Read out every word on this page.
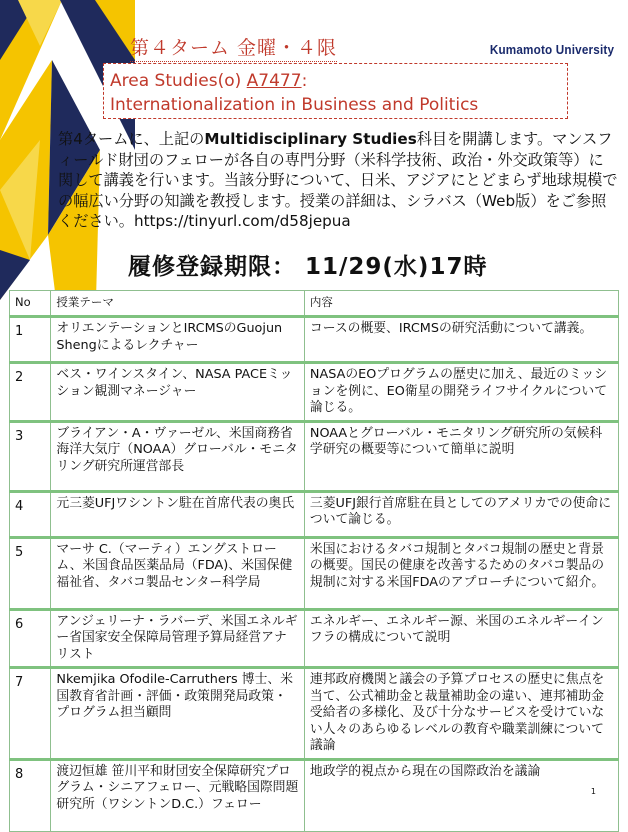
第４ターム 金曜・４限	Kumamoto University
Area Studies(o) A7477:
Internationalization in Business and Politics
第4タームに、上記のMultidisciplinary Studies科目を開講します。マンスフィールド財団のフェローが各自の専門分野（米科学技術、政治・外交政策等）に関して講義を行います。当該分野について、日米、アジアにとどまらず地球規模での幅広い分野の知識を教授します。授業の詳細は、シラバス（Web版）をご参照ください。https://tinyurl.com/d58jepua
履修登録期限： 11/29(水)17時
No	授業テーマ	内容
1	オリエンテーションとIRCMSのGuojun Shengによるレクチャー	コースの概要、IRCMSの研究活動について講義。
2	ベス・ワインスタイン、NASA PACEミッション観測マネージャー	NASAのEOプログラムの歴史に加え、最近のミッションを例に、EO衛星の開発ライフサイクルについて論じる。
3	ブライアン・A・ヴァーゼル、米国商務省海洋大気庁（NOAA）グローバル・モニタリング研究所運営部長	NOAAとグローバル・モニタリング研究所の気候科学研究の概要等について簡単に説明
4	元三菱UFJワシントン駐在首席代表の奥氏	三菱UFJ銀行首席駐在員としてのアメリカでの使命について論じる。
5	マーサ C.（マーティ）エングストローム、米国食品医薬品局（FDA)、米国保健福祉省、タバコ製品センター科学局	米国におけるタバコ規制とタバコ規制の歴史と背景の概要。国民の健康を改善するためのタバコ製品の規制に対する米国FDAのアプローチについて紹介。
6	アンジェリーナ・ラバーデ、米国エネルギー省国家安全保障局管理予算局経営アナリスト	エネルギー、エネルギー源、米国のエネルギーインフラの構成について説明
7	Nkemjika Ofodile-Carruthers 博士、米国教育省計画・評価・政策開発局政策・プログラム担当顧問	連邦政府機関と議会の予算プロセスの歴史に焦点を当て、公式補助金と裁量補助金の違い、連邦補助金受給者の多様化、及び十分なサービスを受けていない人々のあらゆるレベルの教育や職業訓練について議論
8	渡辺恒雄 笹川平和財団安全保障研究プログラム・シニアフェロー、元戦略国際問題研究所（ワシントンD.C.）フェロー	地政学的視点から現在の国際政治を議論
1
